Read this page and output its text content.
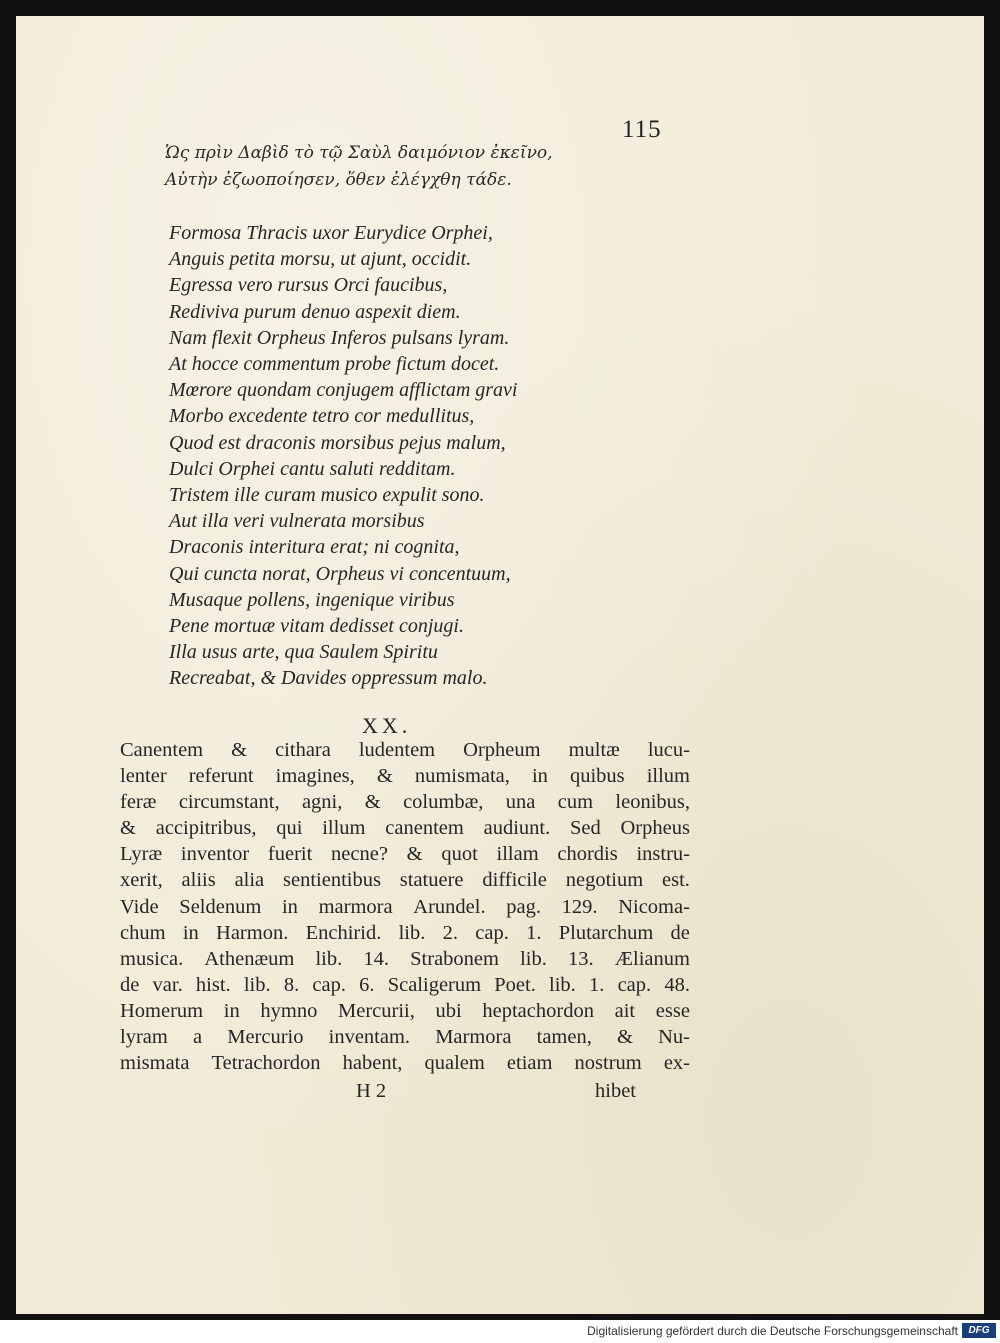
115
Ὡς πρὶν Δαβὶδ τὸ τῷ Σαὺλ δαιμόνιον ἐκεῖνο,
Αὐτὴν ἐζωοποίησεν, ὅθεν ἐλέγχθη τάδε.
Formosa Thracis uxor Eurydice Orphei,
Anguis petita morsu, ut ajunt, occidit.
Egressa vero rursus Orci faucibus,
Rediviva purum denuo aspexit diem.
Nam flexit Orpheus Inferos pulsans lyram.
At hocce commentum probe fictum docet.
Mœrore quondam conjugem afflictam gravi
Morbo excedente tetro cor medullitus,
Quod est draconis morsibus pejus malum,
Dulci Orphei cantu saluti redditam.
Tristem ille curam musico expulit sono.
Aut illa veri vulnerata morsibus
Draconis interitura erat; ni cognita,
Qui cuncta norat, Orpheus vi concentuum,
Musaque pollens, ingenique viribus
Pene mortuæ vitam dedisset conjugi.
Illa usus arte, qua Saulem Spiritu
Recreabat, & Davides oppressum malo.
XX.
Canentem & cithara ludentem Orpheum multæ lucu-
lenter referunt imagines, & numismata, in quibus illum
feræ circumstant, agni, & columbæ, una cum leonibus,
& accipitribus, qui illum canentem audiunt. Sed Orpheus
Lyræ inventor fuerit necne? & quot illam chordis instru-
xerit, aliis alia sentientibus statuere difficile negotium est.
Vide Seldenum in marmora Arundel. pag. 129. Nicoma-
chum in Harmon. Enchirid. lib. 2. cap. 1. Plutarchum de
musica. Athenæum lib. 14. Strabonem lib. 13. Ælianum
de var. hist. lib. 8. cap. 6. Scaligerum Poet. lib. 1. cap. 48.
Homerum in hymno Mercurii, ubi heptachordon ait esse
lyram a Mercurio inventam. Marmora tamen, & Nu-
mismata Tetrachordon habent, qualem etiam nostrum ex-
H 2	hibet
Digitalisierung gefördert durch die Deutsche Forschungsgemeinschaft	DFG
